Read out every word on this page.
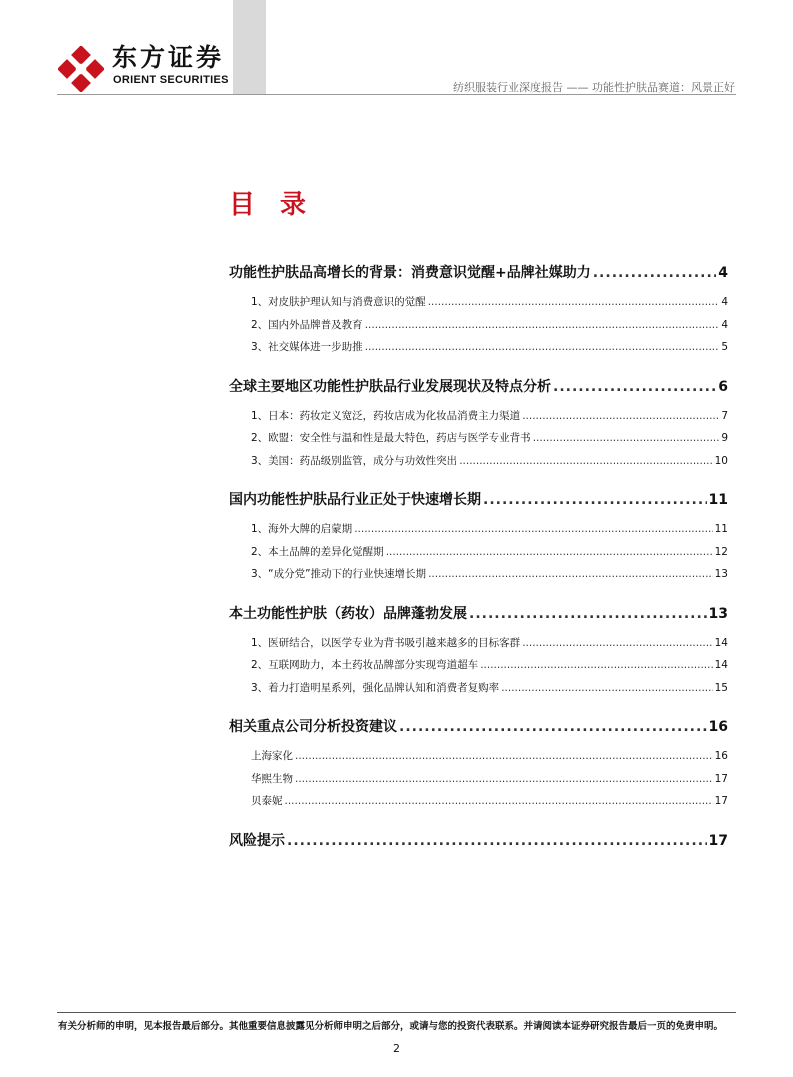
东方证券
ORIENT SECURITIES
纺织服装行业深度报告 —— 功能性护肤品赛道：风景正好
目 录
功能性护肤品高增长的背景：消费意识觉醒+品牌社媒助力 .....	4
1、对皮肤护理认知与消费意识的觉醒 .....	4
2、国内外品牌普及教育 .....	4
3、社交媒体进一步助推 .....	5
全球主要地区功能性护肤品行业发展现状及特点分析 .....	6
1、日本：药妆定义宽泛，药妆店成为化妆品消费主力渠道 .....	7
2、欧盟：安全性与温和性是最大特色，药店与医学专业背书 .....	9
3、美国：药品级别监管，成分与功效性突出 .....	10
国内功能性护肤品行业正处于快速增长期 .....	11
1、海外大牌的启蒙期 .....	11
2、本土品牌的差异化觉醒期 .....	12
3、“成分党”推动下的行业快速增长期 .....	13
本土功能性护肤（药妆）品牌蓬勃发展 .....	13
1、医研结合，以医学专业为背书吸引越来越多的目标客群 .....	14
2、互联网助力，本土药妆品牌部分实现弯道超车 .....	14
3、着力打造明星系列，强化品牌认知和消费者复购率 .....	15
相关重点公司分析投资建议 .....	16
上海家化 .....	16
华熙生物 .....	17
贝泰妮 .....	17
风险提示 .....	17
有关分析师的申明，见本报告最后部分。其他重要信息披露见分析师申明之后部分，或请与您的投资代表联系。并请阅读本证券研究报告最后一页的免责申明。
2
